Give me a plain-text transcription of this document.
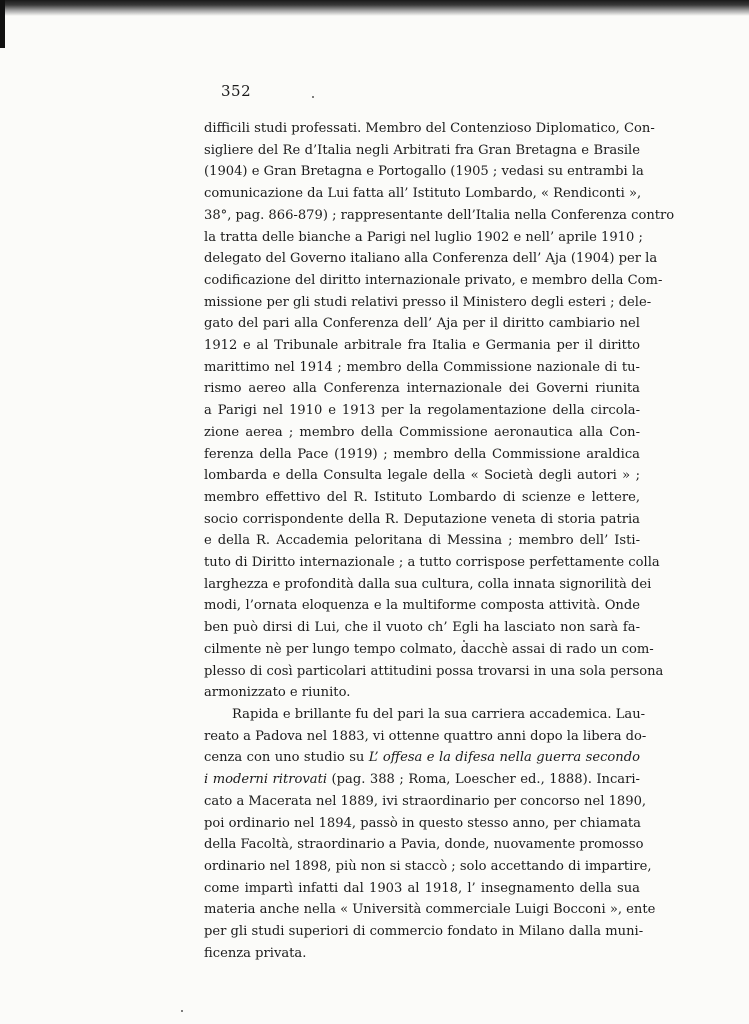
352
difficili studi professati. Membro del Contenzioso Diplomatico, Con-
sigliere del Re d’Italia negli Arbitrati fra Gran Bretagna e Brasile
(1904) e Gran Bretagna e Portogallo (1905 ; vedasi su entrambi la
comunicazione da Lui fatta all’ Istituto Lombardo, « Rendiconti »,
38°, pag. 866-879) ; rappresentante dell’Italia nella Conferenza contro
la tratta delle bianche a Parigi nel luglio 1902 e nell’ aprile 1910 ;
delegato del Governo italiano alla Conferenza dell’ Aja (1904) per la
codificazione del diritto internazionale privato, e membro della Com-
missione per gli studi relativi presso il Ministero degli esteri ; dele-
gato del pari alla Conferenza dell’ Aja per il diritto cambiario nel
1912 e al Tribunale arbitrale fra Italia e Germania per il diritto
marittimo nel 1914 ; membro della Commissione nazionale di tu-
rismo aereo alla Conferenza internazionale dei Governi riunita
a Parigi nel 1910 e 1913 per la regolamentazione della circola-
zione aerea ; membro della Commissione aeronautica alla Con-
ferenza della Pace (1919) ; membro della Commissione araldica
lombarda e della Consulta legale della « Società degli autori » ;
membro effettivo del R. Istituto Lombardo di scienze e lettere,
socio corrispondente della R. Deputazione veneta di storia patria
e della R. Accademia peloritana di Messina ; membro dell’ Isti-
tuto di Diritto internazionale ; a tutto corrispose perfettamente colla
larghezza e profondità dalla sua cultura, colla innata signorilità dei
modi, l’ornata eloquenza e la multiforme composta attività. Onde
ben può dirsi di Lui, che il vuoto ch’ Egli ha lasciato non sarà fa-
cilmente nè per lungo tempo colmato, dacchè assai di rado un com-
plesso di così particolari attitudini possa trovarsi in una sola persona
armonizzato e riunito.
Rapida e brillante fu del pari la sua carriera accademica. Lau-
reato a Padova nel 1883, vi ottenne quattro anni dopo la libera do-
cenza con uno studio su L’ offesa e la difesa nella guerra secondo
i moderni ritrovati (pag. 388 ; Roma, Loescher ed., 1888). Incari-
cato a Macerata nel 1889, ivi straordinario per concorso nel 1890,
poi ordinario nel 1894, passò in questo stesso anno, per chiamata
della Facoltà, straordinario a Pavia, donde, nuovamente promosso
ordinario nel 1898, più non si staccò ; solo accettando di impartire,
come impartì infatti dal 1903 al 1918, l’ insegnamento della sua
materia anche nella « Università commerciale Luigi Bocconi », ente
per gli studi superiori di commercio fondato in Milano dalla muni-
ficenza privata.
